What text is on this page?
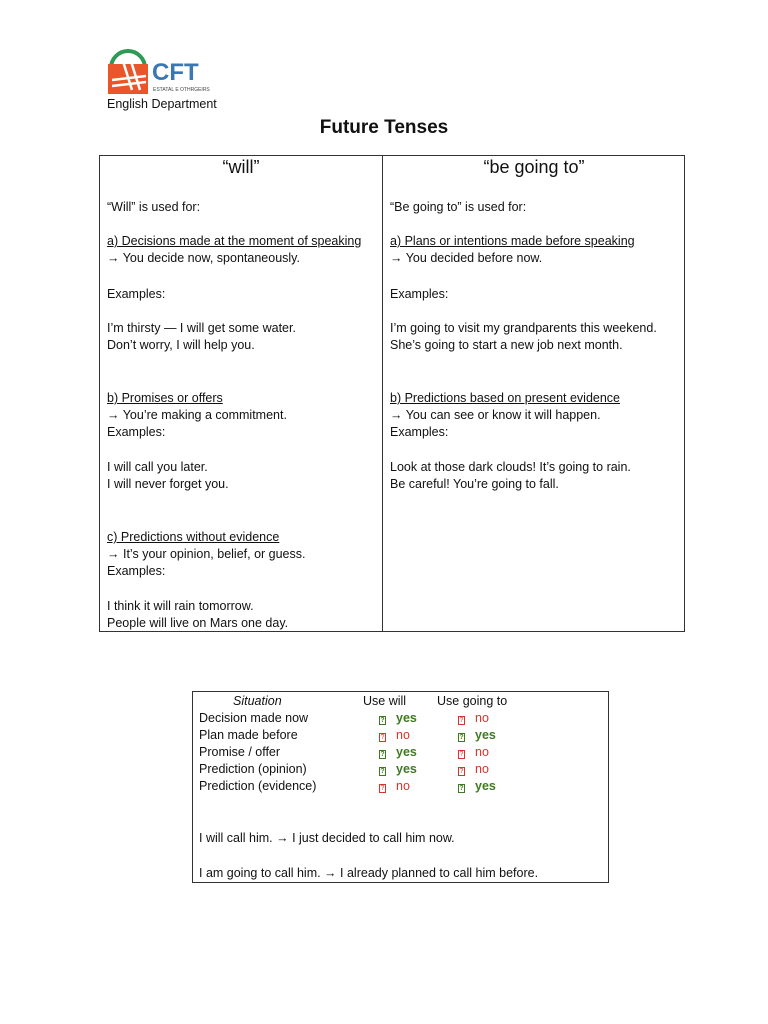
CFT
ESTATAL E OTHRGEIRS
English Department
Future Tenses
“will”
“Will” is used for:
a) Decisions made at the moment of speaking
→ You decide now, spontaneously.
Examples:
I’m thirsty — I will get some water.
Don’t worry, I will help you.
b) Promises or offers
→ You’re making a commitment.
Examples:
I will call you later.
I will never forget you.
c) Predictions without evidence
→ It’s your opinion, belief, or guess.
Examples:
I think it will rain tomorrow.
People will live on Mars one day.
“be going to”
“Be going to” is used for:
a) Plans or intentions made before speaking
→ You decided before now.
Examples:
I’m going to visit my grandparents this weekend.
She’s going to start a new job next month.
b) Predictions based on present evidence
→ You can see or know it will happen.
Examples:
Look at those dark clouds! It’s going to rain.
Be careful! You’re going to fall.
Situation	Use will Use going to
Decision made now	? yes	? no
Plan made before	? no	? yes
Promise / offer	? yes	? no
Prediction (opinion)	? yes	? no
Prediction (evidence)	? no	? yes
I will call him. → I just decided to call him now.
I am going to call him. → I already planned to call him before.
